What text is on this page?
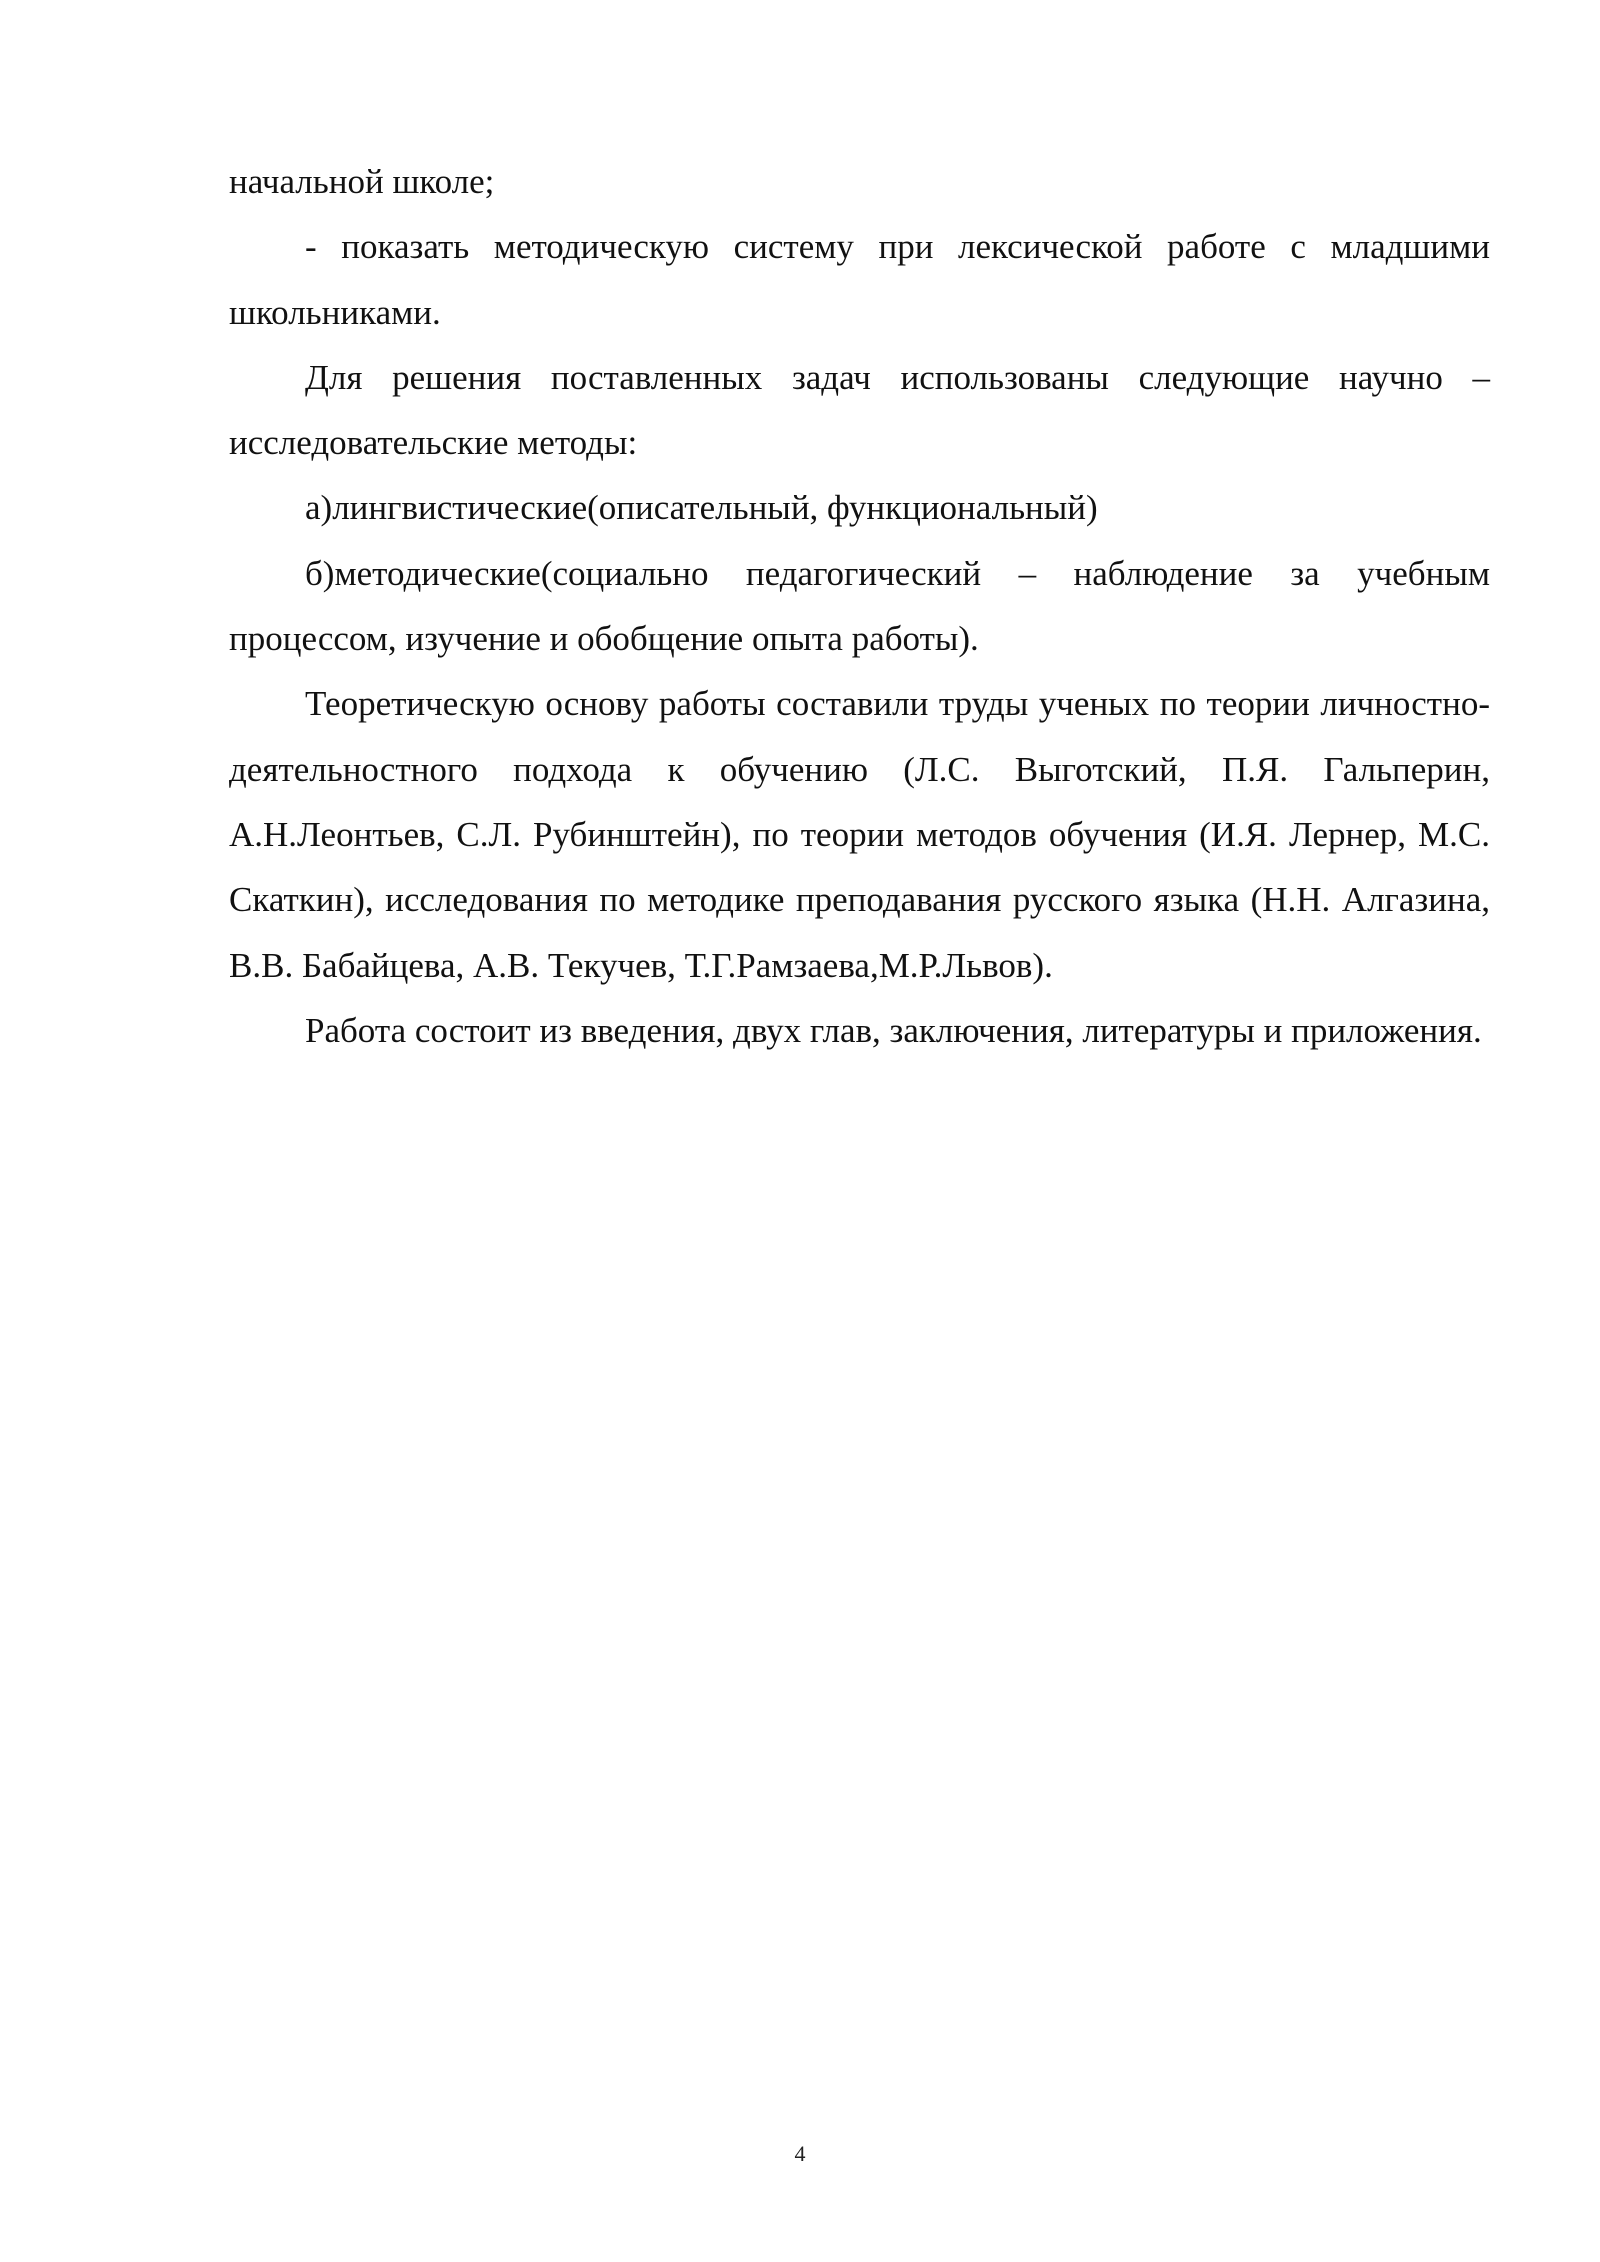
начальной школе;

- показать методическую систему при лексической работе с младшими школьниками.

Для решения поставленных задач использованы следующие научно – исследовательские методы:

а)лингвистические(описательный, функциональный)

б)методические(социально педагогический – наблюдение за учебным процессом, изучение и обобщение опыта работы).

Теоретическую основу работы составили труды ученых по теории личностно-деятельностного подхода к обучению (Л.С. Выготский, П.Я. Гальперин, А.Н.Леонтьев, С.Л. Рубинштейн), по теории методов обучения (И.Я. Лернер, М.С. Скаткин), исследования по методике преподавания русского языка (Н.Н. Алгазина, В.В. Бабайцева, А.В. Текучев, Т.Г.Рамзаева,М.Р.Львов).

Работа состоит из введения, двух глав, заключения, литературы и приложения.

4
